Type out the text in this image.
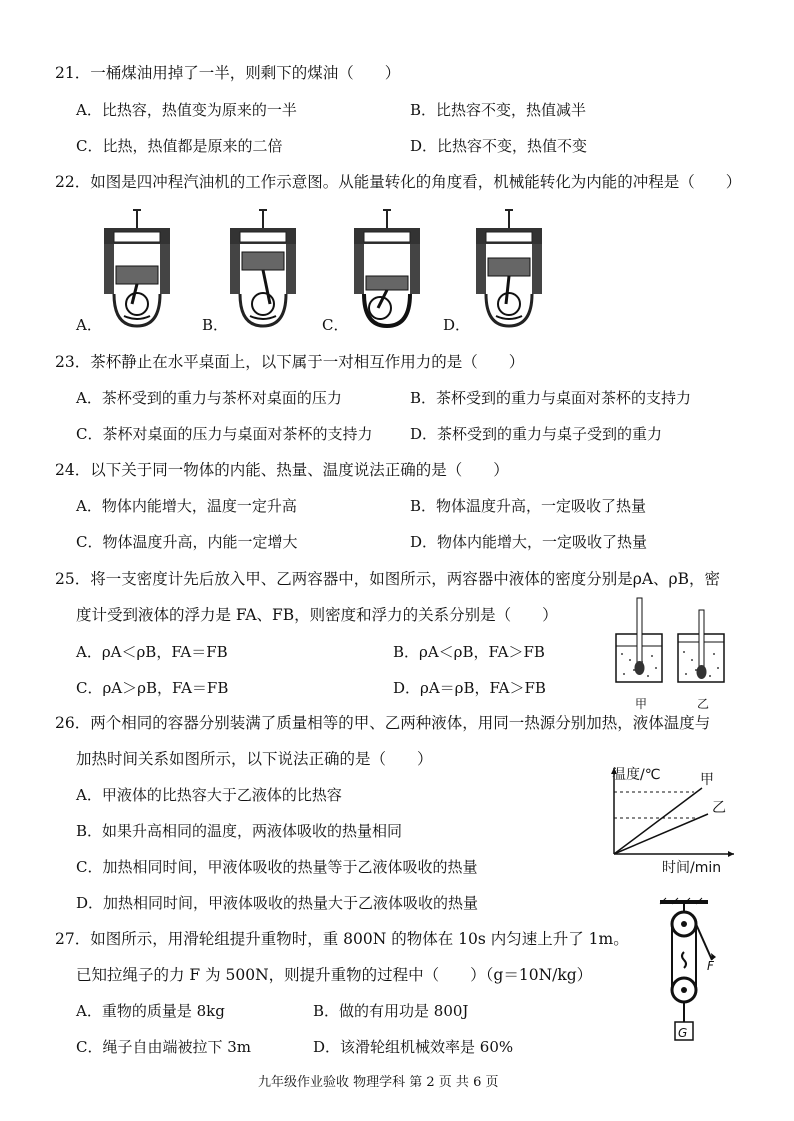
21．一桶煤油用掉了一半，则剩下的煤油（　　）
A．比热容，热值变为原来的一半	B．比热容不变，热值减半
C．比热，热值都是原来的二倍	D．比热容不变，热值不变
22．如图是四冲程汽油机的工作示意图。从能量转化的角度看，机械能转化为内能的冲程是（　　）
A．	B．	C．	D．
23．茶杯静止在水平桌面上，以下属于一对相互作用力的是（　　）
A．茶杯受到的重力与茶杯对桌面的压力	B．茶杯受到的重力与桌面对茶杯的支持力
C．茶杯对桌面的压力与桌面对茶杯的支持力	D．茶杯受到的重力与桌子受到的重力
24．以下关于同一物体的内能、热量、温度说法正确的是（　　）
A．物体内能增大，温度一定升高	B．物体温度升高，一定吸收了热量
C．物体温度升高，内能一定增大	D．物体内能增大，一定吸收了热量
25．将一支密度计先后放入甲、乙两容器中，如图所示，两容器中液体的密度分别是ρA、ρB，密
度计受到液体的浮力是 FA、FB，则密度和浮力的关系分别是（　　）
A．ρA＜ρB，FA＝FB	B．ρA＜ρB，FA＞FB
C．ρA＞ρB，FA＝FB	D．ρA＝ρB，FA＞FB
甲	乙
26．两个相同的容器分别装满了质量相等的甲、乙两种液体，用同一热源分别加热，液体温度与
加热时间关系如图所示，以下说法正确的是（　　）
A．甲液体的比热容大于乙液体的比热容
B．如果升高相同的温度，两液体吸收的热量相同
C．加热相同时间，甲液体吸收的热量等于乙液体吸收的热量
D．加热相同时间，甲液体吸收的热量大于乙液体吸收的热量
温度/℃	甲
乙
时间/min
27．如图所示，用滑轮组提升重物时，重 800N 的物体在 10s 内匀速上升了 1m。
已知拉绳子的力 F 为 500N，则提升重物的过程中（　　）（g＝10N/kg）
A．重物的质量是 8kg	B．做的有用功是 800J
C．绳子自由端被拉下 3m	D．该滑轮组机械效率是 60%
F
G
九年级作业验收 物理学科 第 2 页 共 6 页
